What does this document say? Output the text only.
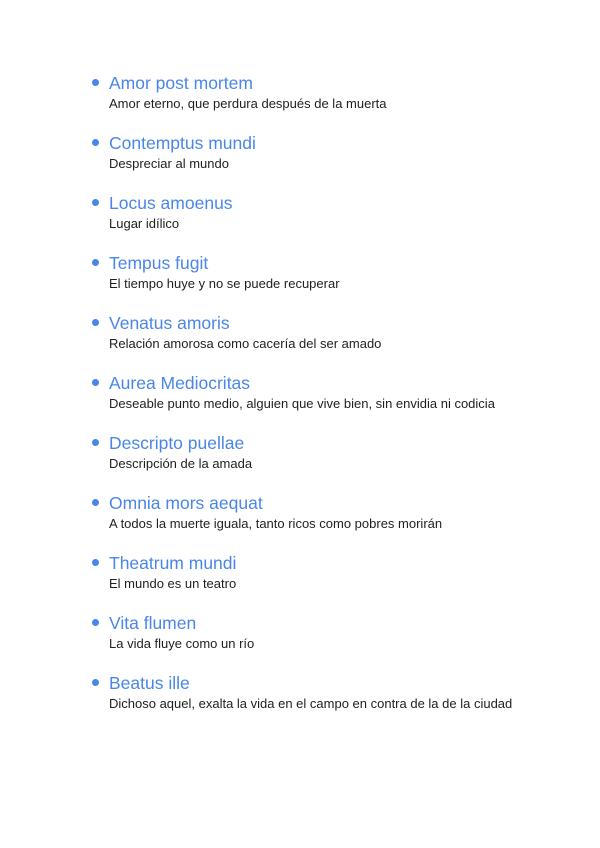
Amor post mortem
Amor eterno, que perdura después de la muerta
Contemptus mundi
Despreciar al mundo
Locus amoenus
Lugar idílico
Tempus fugit
El tiempo huye y no se puede recuperar
Venatus amoris
Relación amorosa como cacería del ser amado
Aurea Mediocritas
Deseable punto medio, alguien que vive bien, sin envidia ni codicia
Descripto puellae
Descripción de la amada
Omnia mors aequat
A todos la muerte iguala, tanto ricos como pobres morirán
Theatrum mundi
El mundo es un teatro
Vita flumen
La vida fluye como un río
Beatus ille
Dichoso aquel, exalta la vida en el campo en contra de la de la ciudad
